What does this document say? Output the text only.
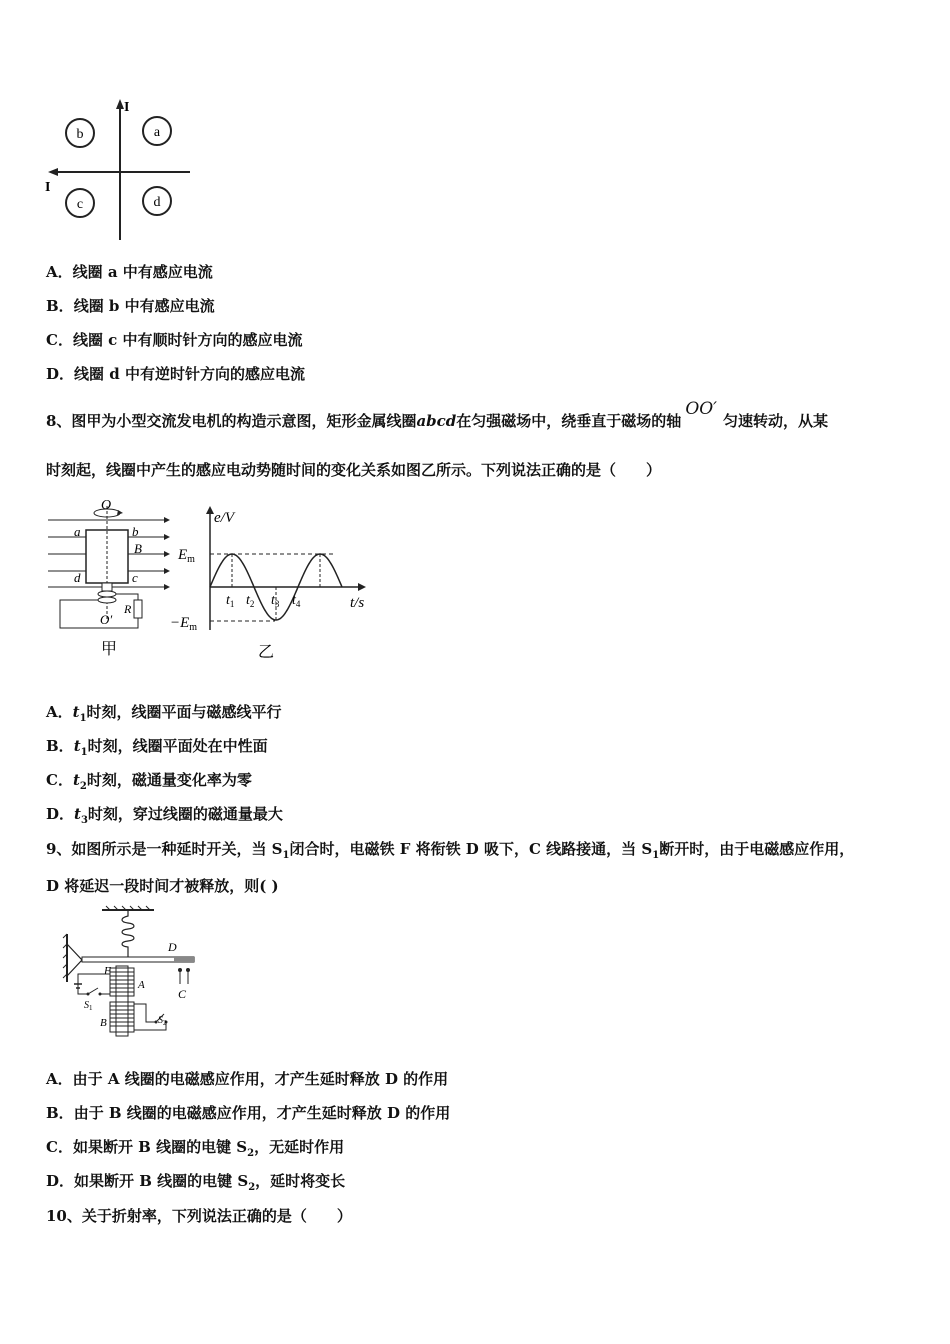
I
I
b	a
c	d
A．线圈 a 中有感应电流
B．线圈 b 中有感应电流
C．线圈 c 中有顺时针方向的感应电流
D．线圈 d 中有逆时针方向的感应电流
8、图甲为小型交流发电机的构造示意图，矩形金属线圈abcd在匀强磁场中，绕垂直于磁场的轴OO′匀速转动，从某
时刻起，线圈中产生的感应电动势随时间的变化关系如图乙所示。下列说法正确的是（　　）
O
a	b
B
d	c
R
O′
甲
e/V
t/s
$E_m$
$-E_m$
$t_1$ $t_2$ $t_3$ $t_4$
乙
A．$t_1$时刻，线圈平面与磁感线平行
B．$t_1$时刻，线圈平面处在中性面
C．$t_2$时刻，磁通量变化率为零
D．$t_3$时刻，穿过线圈的磁通量最大
9、如图所示是一种延时开关，当 $S_1$闭合时，电磁铁 F 将衔铁 D 吸下，C 线路接通，当 $S_1$断开时，由于电磁感应作用，
D 将延迟一段时间才被释放，则( )
D
C
F
A
B
$S_1$
$S_2$
A．由于 A 线圈的电磁感应作用，才产生延时释放 D 的作用
B．由于 B 线圈的电磁感应作用，才产生延时释放 D 的作用
C．如果断开 B 线圈的电键 $S_2$，无延时作用
D．如果断开 B 线圈的电键 $S_2$，延时将变长
10、关于折射率，下列说法正确的是（　　）
